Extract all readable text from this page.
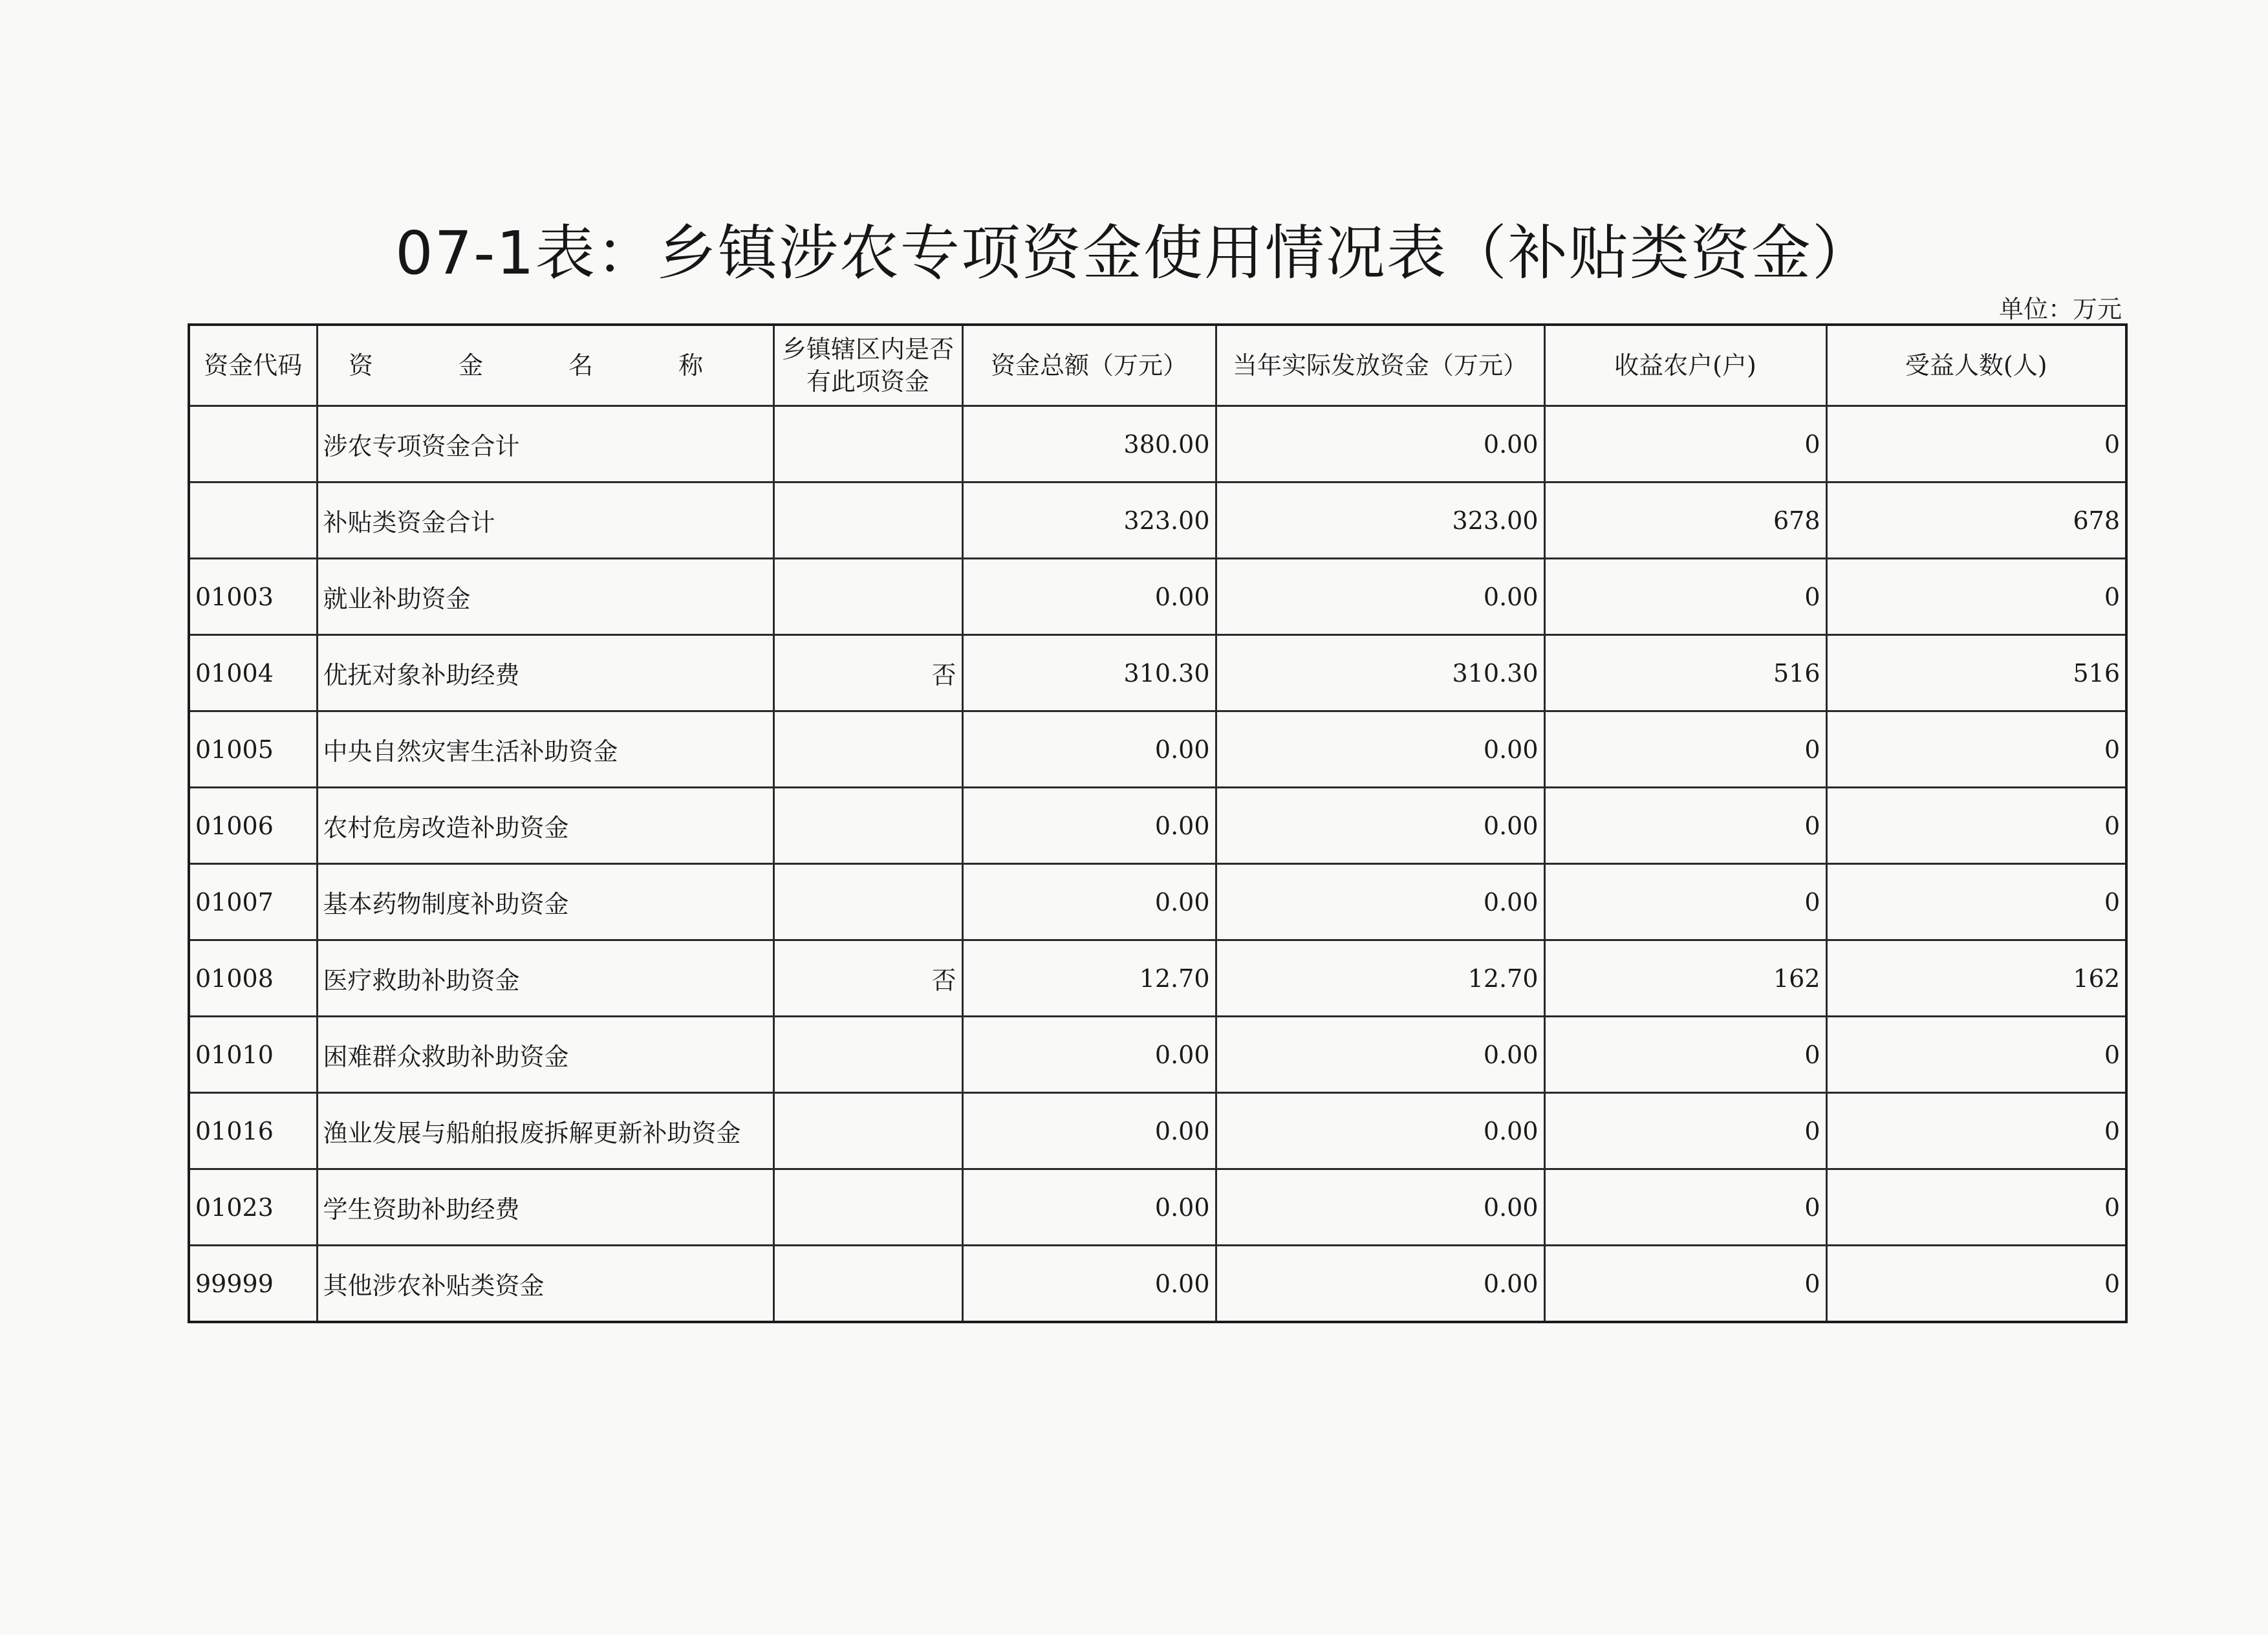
07-1表：乡镇涉农专项资金使用情况表（补贴类资金）
单位：万元
资金代码	资 金 名 称	乡镇辖区内是否有此项资金	资金总额（万元）	当年实际发放资金（万元）	收益农户(户)	受益人数(人)
	涉农专项资金合计		380.00	0.00	0	0
	补贴类资金合计		323.00	323.00	678	678
01003	就业补助资金		0.00	0.00	0	0
01004	优抚对象补助经费	否	310.30	310.30	516	516
01005	中央自然灾害生活补助资金		0.00	0.00	0	0
01006	农村危房改造补助资金		0.00	0.00	0	0
01007	基本药物制度补助资金		0.00	0.00	0	0
01008	医疗救助补助资金	否	12.70	12.70	162	162
01010	困难群众救助补助资金		0.00	0.00	0	0
01016	渔业发展与船舶报废拆解更新补助资金		0.00	0.00	0	0
01023	学生资助补助经费		0.00	0.00	0	0
99999	其他涉农补贴类资金		0.00	0.00	0	0
